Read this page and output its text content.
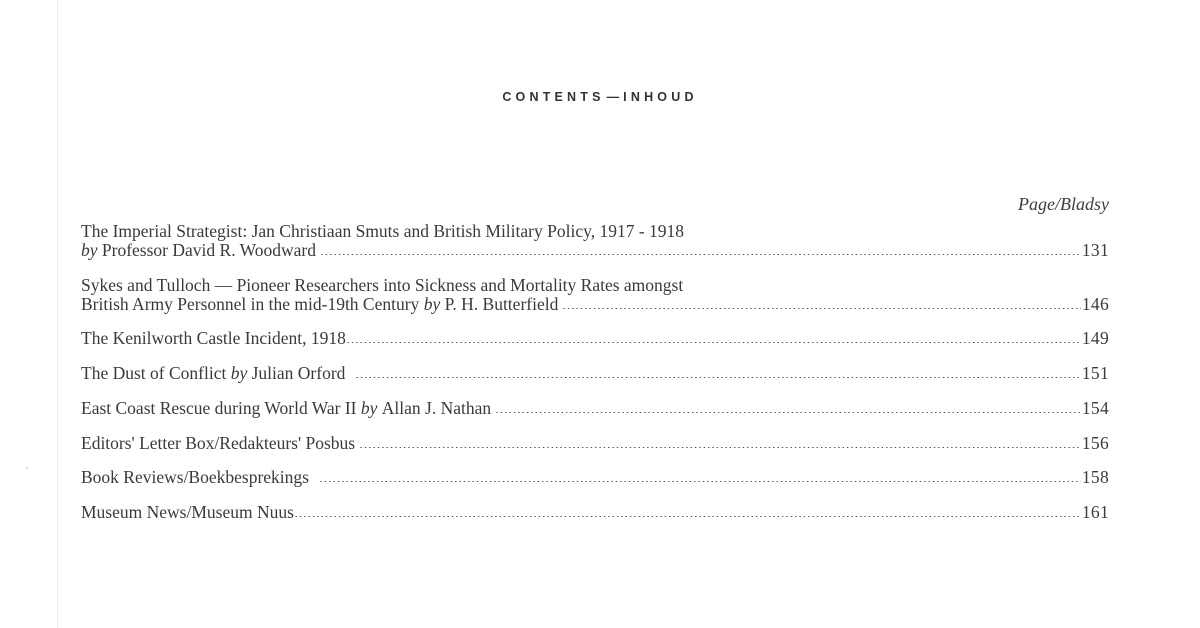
CONTENTS — INHOUD
Page/Bladsy
The Imperial Strategist: Jan Christiaan Smuts and British Military Policy, 1917 - 1918
by
Professor David R. Woodward	131
Sykes and Tulloch — Pioneer Researchers into Sickness and Mortality Rates amongst
British Army Personnel in the mid-19th Century
by
P. H. Butterfield	146
The Kenilworth Castle Incident, 1918	149
The Dust of Conflict
by
Julian Orford	151
East Coast Rescue during World War II
by
Allan J. Nathan	154
Editors' Letter Box/Redakteurs' Posbus	156
Book Reviews/Boekbesprekings	158
Museum News/Museum Nuus	161
